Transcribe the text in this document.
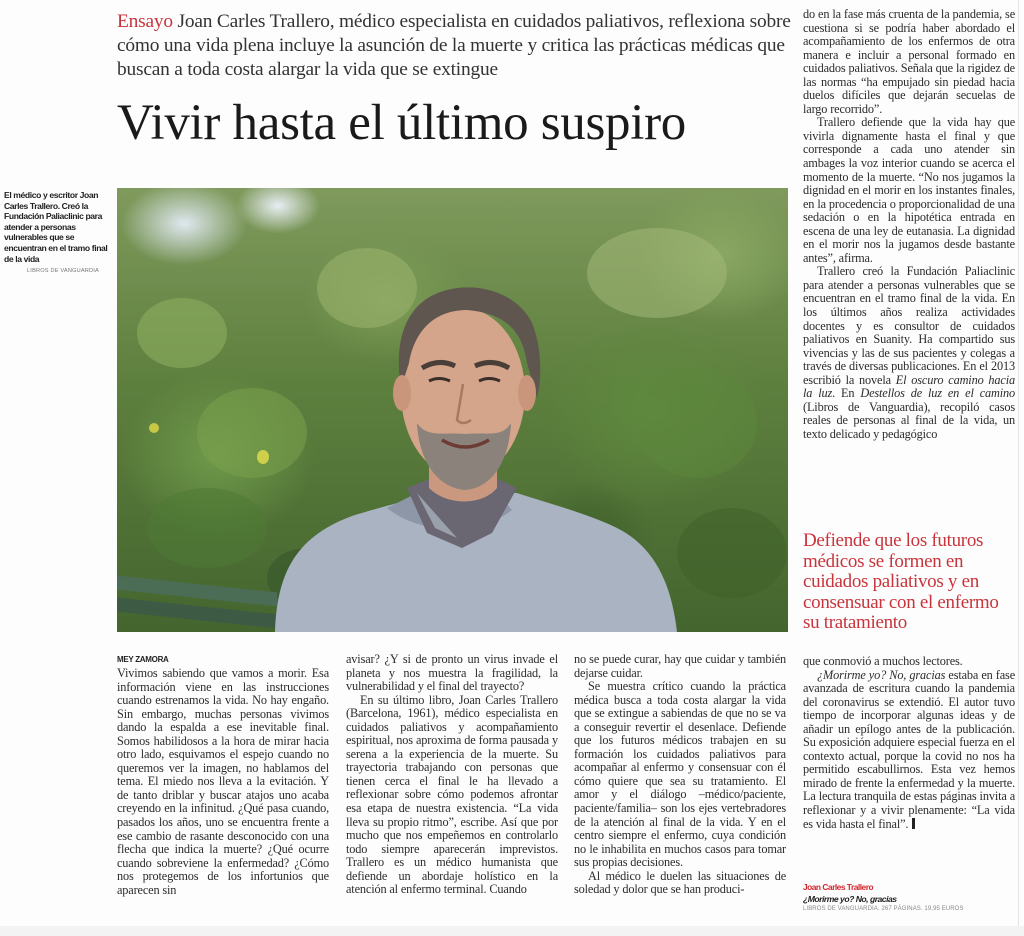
Ensayo Joan Carles Trallero, médico especialista en cuidados paliativos, reflexiona sobre cómo una vida plena incluye la asunción de la muerte y critica las prácticas médicas que buscan a toda costa alargar la vida que se extingue
Vivir hasta el último suspiro
El médico y escritor Joan Carles Trallero. Creó la Fundación Paliaclinic para atender a personas vulnerables que se encuentran en el tramo final de la vida
LIBROS DE VANGUARDIA
MEY ZAMORA

Vivimos sabiendo que vamos a morir. Esa información viene en las instrucciones cuando estrenamos la vida. No hay engaño. Sin embargo, muchas personas vivimos dando la espalda a ese inevitable final. Somos habilidosos a la hora de mirar hacia otro lado, esquivamos el espejo cuando no queremos ver la imagen, no hablamos del tema. El miedo nos lleva a la evitación. Y de tanto driblar y buscar atajos uno acaba creyendo en la infinitud. ¿Qué pasa cuando, pasados los años, uno se encuentra frente a ese cambio de rasante desconocido con una flecha que indica la muerte? ¿Qué ocurre cuando sobreviene la enfermedad? ¿Cómo nos protegemos de los infortunios que aparecen sin

avisar? ¿Y si de pronto un virus invade el planeta y nos muestra la fragilidad, la vulnerabilidad y el final del trayecto?

En su último libro, Joan Carles Trallero (Barcelona, 1961), médico especialista en cuidados paliativos y acompañamiento espiritual, nos aproxima de forma pausada y serena a la experiencia de la muerte. Su trayectoria trabajando con personas que tienen cerca el final le ha llevado a reflexionar sobre cómo podemos afrontar esa etapa de nuestra existencia. “La vida lleva su propio ritmo”, escribe. Así que por mucho que nos empeñemos en controlarlo todo siempre aparecerán imprevistos. Trallero es un médico humanista que defiende un abordaje holístico en la atención al enfermo terminal. Cuando

no se puede curar, hay que cuidar y también dejarse cuidar.

Se muestra crítico cuando la práctica médica busca a toda costa alargar la vida que se extingue a sabiendas de que no se va a conseguir revertir el desenlace. Defiende que los futuros médicos trabajen en su formación los cuidados paliativos para acompañar al enfermo y consensuar con él cómo quiere que sea su tratamiento. El amor y el diálogo –médico/paciente, paciente/familia– son los ejes vertebradores de la atención al final de la vida. Y en el centro siempre el enfermo, cuya condición no le inhabilita en muchos casos para tomar sus propias decisiones.

Al médico le duelen las situaciones de soledad y dolor que se han produci-

do en la fase más cruenta de la pandemia, se cuestiona si se podría haber abordado el acompañamiento de los enfermos de otra manera e incluir a personal formado en cuidados paliativos. Señala que la rigidez de las normas “ha empujado sin piedad hacia duelos difíciles que dejarán secuelas de largo recorrido”.

Trallero defiende que la vida hay que vivirla dignamente hasta el final y que corresponde a cada uno atender sin ambages la voz interior cuando se acerca el momento de la muerte. “No nos jugamos la dignidad en el morir en los instantes finales, en la procedencia o proporcionalidad de una sedación o en la hipotética entrada en escena de una ley de eutanasia. La dignidad en el morir nos la jugamos desde bastante antes”, afirma.

Trallero creó la Fundación Paliaclinic para atender a personas vulnerables que se encuentran en el tramo final de la vida. En los últimos años realiza actividades docentes y es consultor de cuidados paliativos en Suanity. Ha compartido sus vivencias y las de sus pacientes y colegas a través de diversas publicaciones. En el 2013 escribió la novela El oscuro camino hacia la luz. En Destellos de luz en el camino (Libros de Vanguardia), recopiló casos reales de personas al final de la vida, un texto delicado y pedagógico

Defiende que los futuros médicos se formen en cuidados paliativos y en consensuar con el enfermo su tratamiento

que conmovió a muchos lectores.

¿Morirme yo? No, gracias estaba en fase avanzada de escritura cuando la pandemia del coronavirus se extendió. El autor tuvo tiempo de incorporar algunas ideas y de añadir un epílogo antes de la publicación. Su exposición adquiere especial fuerza en el contexto actual, porque la covid no nos ha permitido escabullirnos. Esta vez hemos mirado de frente la enfermedad y la muerte. La lectura tranquila de estas páginas invita a reflexionar y a vivir plenamente: “La vida es vida hasta el final”.

Joan Carles Trallero
¿Morirme yo? No, gracias
LIBROS DE VANGUARDIA. 267 PÁGINAS. 19,95 EUROS
